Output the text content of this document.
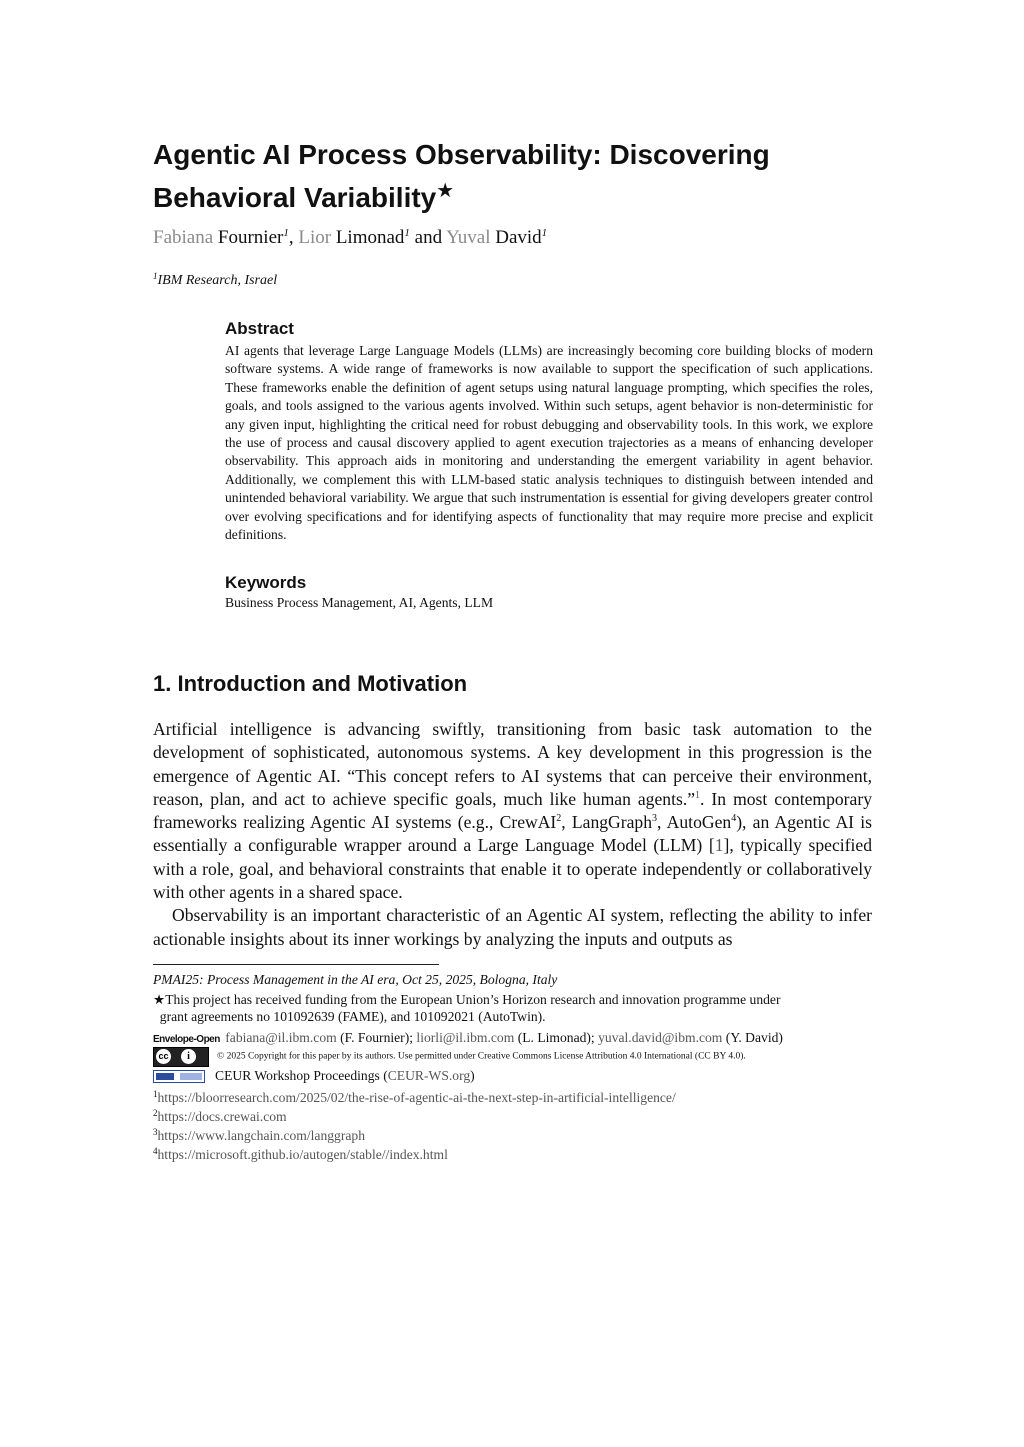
Agentic AI Process Observability: Discovering
Behavioral Variability★
Fabiana Fournier$^1$, Lior Limonad$^1$ and Yuval David$^1$
$^1$IBM Research, Israel
Abstract
AI agents that leverage Large Language Models (LLMs) are increasingly becoming core building blocks of modern software systems. A wide range of frameworks is now available to support the specification of such applications. These frameworks enable the definition of agent setups using natural language prompting, which specifies the roles, goals, and tools assigned to the various agents involved. Within such setups, agent behavior is non-deterministic for any given input, highlighting the critical need for robust debugging and observability tools. In this work, we explore the use of process and causal discovery applied to agent execution trajectories as a means of enhancing developer observability. This approach aids in monitoring and understanding the emergent variability in agent behavior. Additionally, we complement this with LLM-based static analysis techniques to distinguish between intended and unintended behavioral variability. We argue that such instrumentation is essential for giving developers greater control over evolving specifications and for identifying aspects of functionality that may require more precise and explicit definitions.
Keywords
Business Process Management, AI, Agents, LLM
1. Introduction and Motivation

Artificial intelligence is advancing swiftly, transitioning from basic task automation to the development of sophisticated, autonomous systems. A key development in this progression is the emergence of Agentic AI. “This concept refers to AI systems that can perceive their environment, reason, plan, and act to achieve specific goals, much like human agents.”$^1$. In most contemporary frameworks realizing Agentic AI systems (e.g., CrewAI$^2$, LangGraph$^3$, AutoGen$^4$), an Agentic AI is essentially a configurable wrapper around a Large Language Model (LLM) [1], typically specified with a role, goal, and behavioral constraints that enable it to operate independently or collaboratively with other agents in a shared space.

Observability is an important characteristic of an Agentic AI system, reflecting the ability to infer actionable insights about its inner workings by analyzing the inputs and outputs as

PMAI25: Process Management in the AI era, Oct 25, 2025, Bologna, Italy
★This project has received funding from the European Union’s Horizon research and innovation programme under
grant agreements no 101092639 (FAME), and 101092021 (AutoTwin).
Envelope-Open fabiana@il.ibm.com (F. Fournier); liorli@il.ibm.com (L. Limonad); yuval.david@ibm.com (Y. David)
cc i© 2025 Copyright for this paper by its authors. Use permitted under Creative Commons License Attribution 4.0 International (CC BY 4.0).
CEUR Workshop Proceedings (CEUR-WS.org)
$^1$https://bloorresearch.com/2025/02/the-rise-of-agentic-ai-the-next-step-in-artificial-intelligence/
$^2$https://docs.crewai.com
$^3$https://www.langchain.com/langgraph
$^4$https://microsoft.github.io/autogen/stable//index.html
